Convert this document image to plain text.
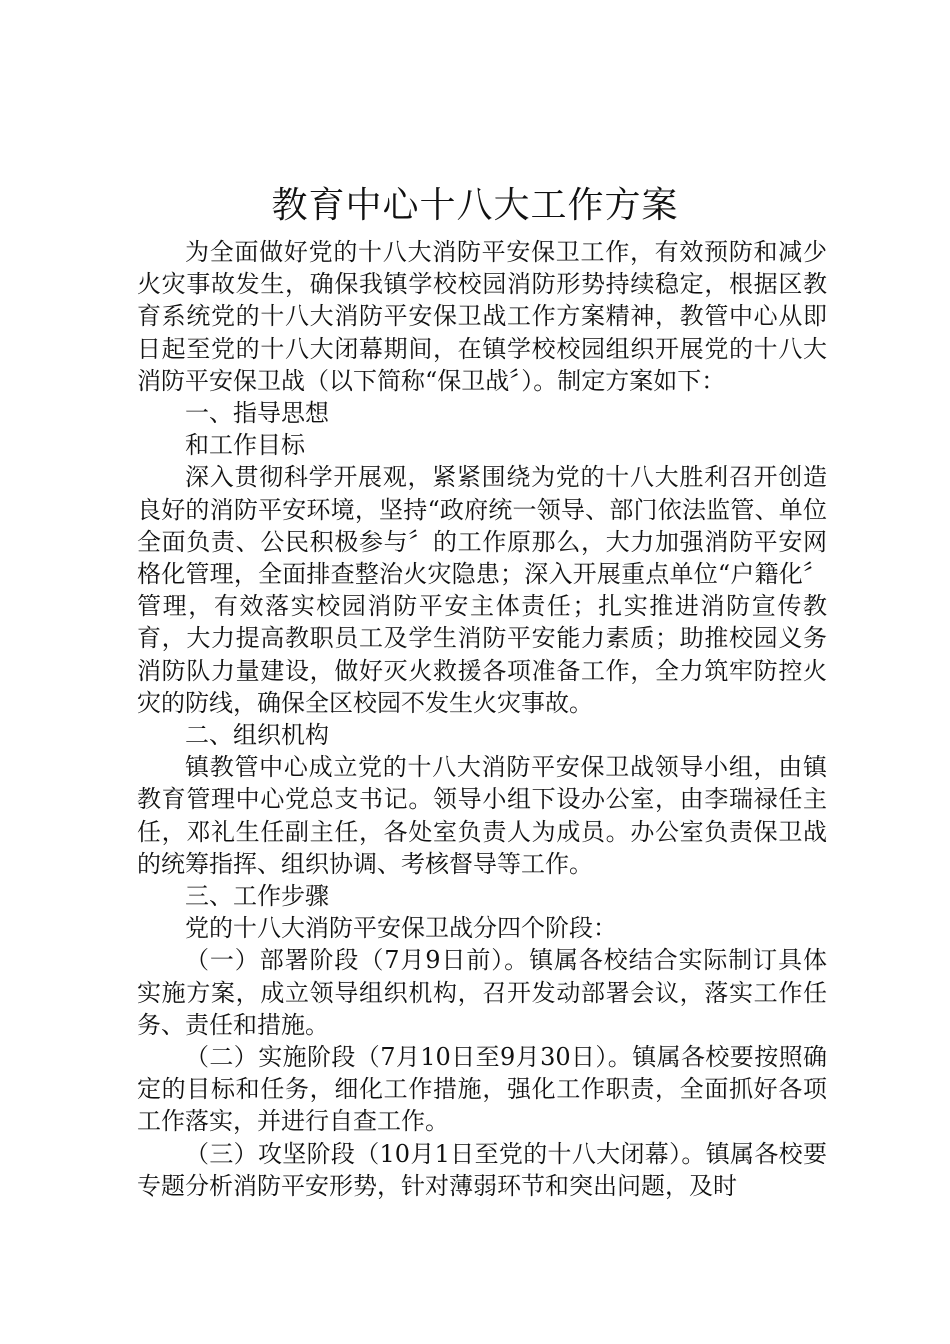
教育中心十八大工作方案

为全面做好党的十八大消防平安保卫工作，有效预防和减少火灾事故发生，确保我镇学校校园消防形势持续稳定，根据区教育系统党的十八大消防平安保卫战工作方案精神，教管中心从即日起至党的十八大闭幕期间，在镇学校校园组织开展党的十八大消防平安保卫战（以下简称“保卫战〞）。制定方案如下：

一、指导思想

和工作目标

深入贯彻科学开展观，紧紧围绕为党的十八大胜利召开创造良好的消防平安环境，坚持“政府统一领导、部门依法监管、单位全面负责、公民积极参与〞的工作原那么，大力加强消防平安网格化管理，全面排查整治火灾隐患；深入开展重点单位“户籍化〞管理，有效落实校园消防平安主体责任；扎实推进消防宣传教育，大力提高教职员工及学生消防平安能力素质；助推校园义务消防队力量建设，做好灭火救援各项准备工作，全力筑牢防控火灾的防线，确保全区校园不发生火灾事故。

二、组织机构

镇教管中心成立党的十八大消防平安保卫战领导小组，由镇教育管理中心党总支书记。领导小组下设办公室，由李瑞禄任主任，邓礼生任副主任，各处室负责人为成员。办公室负责保卫战的统筹指挥、组织协调、考核督导等工作。

三、工作步骤

党的十八大消防平安保卫战分四个阶段：

（一）部署阶段（7月9日前）。镇属各校结合实际制订具体实施方案，成立领导组织机构，召开发动部署会议，落实工作任务、责任和措施。

（二）实施阶段（7月10日至9月30日）。镇属各校要按照确定的目标和任务，细化工作措施，强化工作职责，全面抓好各项工作落实，并进行自查工作。

（三）攻坚阶段（10月1日至党的十八大闭幕）。镇属各校要专题分析消防平安形势，针对薄弱环节和突出问题，及时
